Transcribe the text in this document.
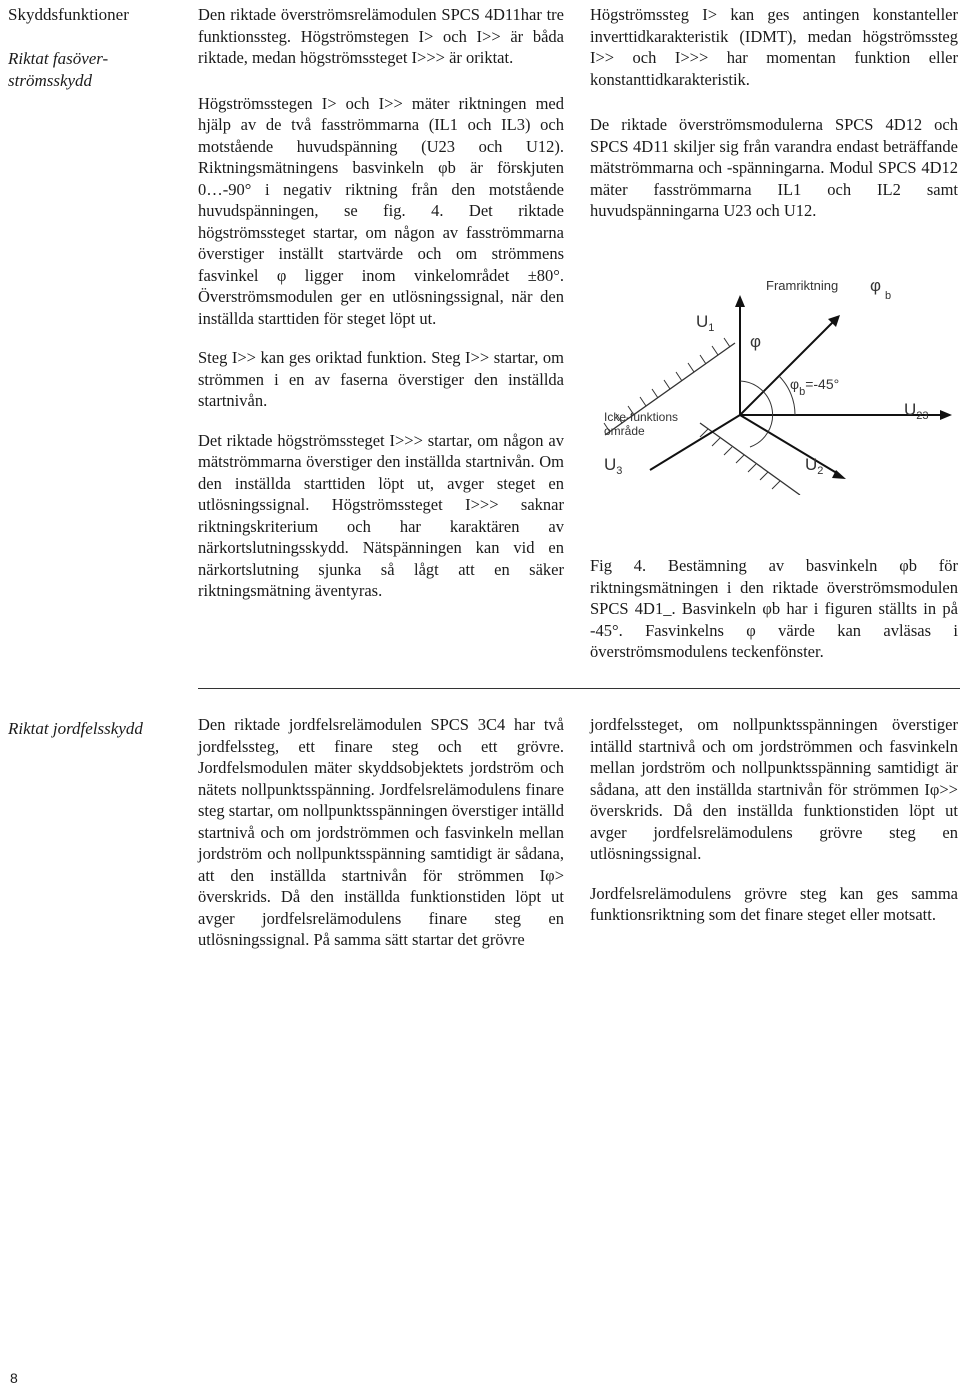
Skyddsfunktioner
Riktat fasöver-
strömsskydd
Riktat jordfelsskydd

Den riktade överströmsrelämodulen SPCS 4D11har tre funktionssteg. Högströmstegen I> och I>> är båda riktade, medan högströmssteget I>>> är oriktat.

Högströmsstegen I> och I>> mäter riktningen med hjälp av de två fasströmmarna (IL1 och IL3) och motstående huvudspänning (U23 och U12). Riktningsmätningens basvinkeln φb är förskjuten 0…-90° i negativ riktning från den motstående huvudspänningen, se fig. 4. Det riktade högströmssteget startar, om någon av fasströmmarna överstiger inställt startvärde och om strömmens fasvinkel φ ligger inom vinkelområdet ±80°. Överströmsmodulen ger en utlösningssignal, när den inställda starttiden för steget löpt ut.

Steg I>> kan ges oriktad funktion. Steg I>> startar, om strömmen i en av faserna överstiger den inställda startnivån.

Det riktade högströmssteget I>>> startar, om någon av mätströmmarna överstiger den inställda startnivån. Om den inställda starttiden löpt ut, avger steget en utlösningssignal. Högströmssteget I>>> saknar riktningskriterium och har karaktären av närkortslutningsskydd. Nätspänningen kan vid en närkortslutning sjunka så lågt att en säker riktningsmätning äventyras.

Högströmssteg I> kan ges antingen konstanteller inverttidkarakteristik (IDMT), medan högströmssteg I>> och I>>> har momentan funktion eller konstanttidkarakteristik.

De riktade överströmsmodulerna SPCS 4D12 och SPCS 4D11 skiljer sig från varandra endast beträffande mätströmmarna och -spänningarna. Modul SPCS 4D12 mäter fasströmmarna IL1 och IL2 samt huvudspänningarna U23 och U12.

$U_1$
Framriktning $\varphi_b$
φ
$\varphi_b=-45^\circ$
Icke-funktions
område
$U_3$	$U_2$
$U_{23}$
Fig 4. Bestämning av basvinkeln φb för riktningsmätningen i den riktade överströmsmodulen SPCS 4D1_. Basvinkeln φb har i figuren ställts in på -45°. Fasvinkelns φ värde kan avläsas i överströmsmodulens teckenfönster.

Den riktade jordfelsrelämodulen SPCS 3C4 har två jordfelssteg, ett finare steg och ett grövre. Jordfelsmodulen mäter skyddsobjektets jordström och nätets nollpunktsspänning. Jordfelsrelämodulens finare steg startar, om nollpunktsspänningen överstiger intälld startnivå och om jordströmmen och fasvinkeln mellan jordström och nollpunktsspänning samtidigt är sådana, att den inställda startnivån för strömmen Iφ> överskrids. Då den inställda funktionstiden löpt ut avger jordfelsrelämodulens finare steg en utlösningssignal. På samma sätt startar det grövre

jordfelssteget, om nollpunktsspänningen överstiger intälld startnivå och om jordströmmen och fasvinkeln mellan jordström och nollpunktsspänning samtidigt är sådana, att den inställda startnivån för strömmen Iφ>> överskrids. Då den inställda funktionstiden löpt ut avger jordfelsrelämodulens grövre steg en utlösningssignal.

Jordfelsrelämodulens grövre steg kan ges samma funktionsriktning som det finare steget eller motsatt.

8
